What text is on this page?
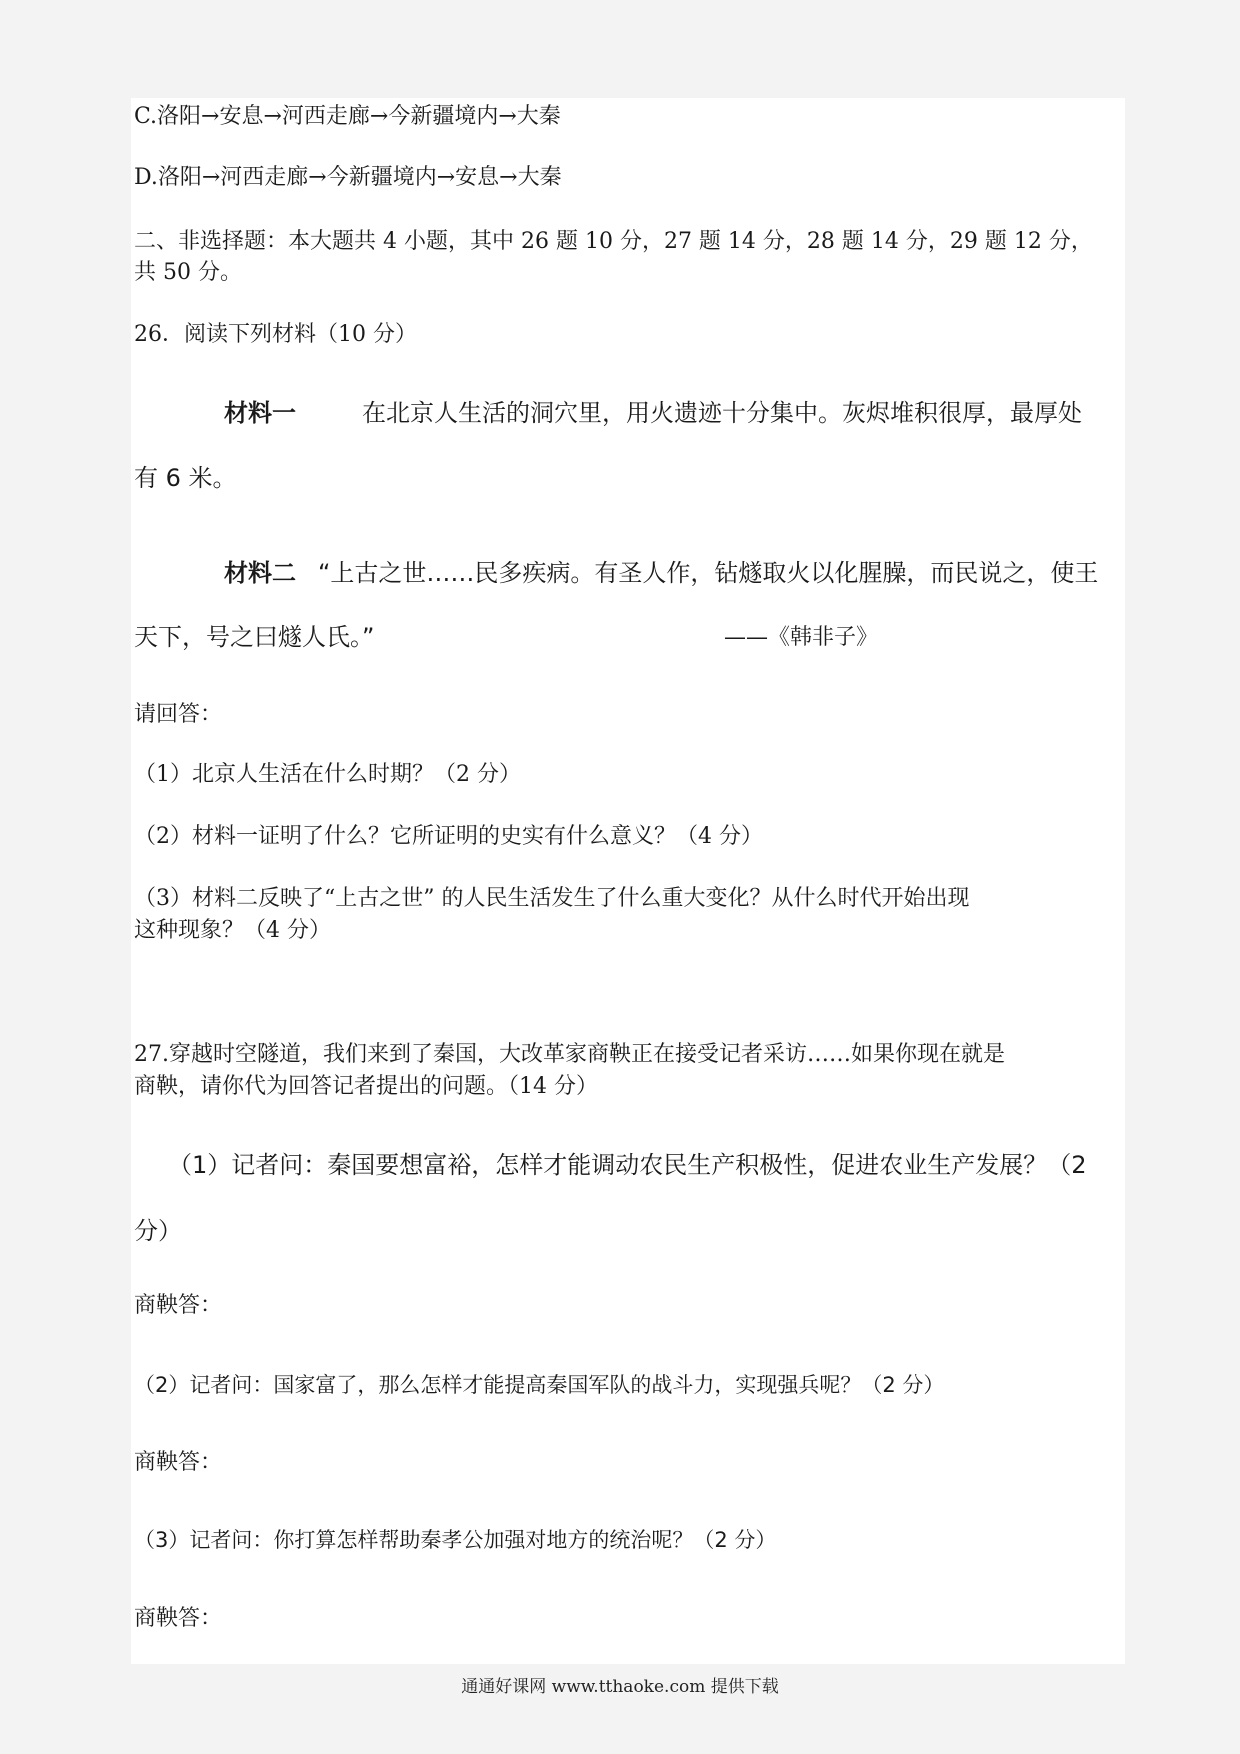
C.洛阳→安息→河西走廊→今新疆境内→大秦
D.洛阳→河西走廊→今新疆境内→安息→大秦
二、非选择题：本大题共 4 小题，其中 26 题 10 分，27 题 14 分，28 题 14 分，29 题 12 分，
共 50 分。
26．阅读下列材料（10 分）
材料一	在北京人生活的洞穴里，用火遗迹十分集中。灰烬堆积很厚，最厚处
有 6 米。
材料二 “上古之世……民多疾病。有圣人作，钻燧取火以化腥臊，而民说之，使王
天下，号之曰燧人氏。”	——《韩非子》
请回答：
（1）北京人生活在什么时期？（2 分）
（2）材料一证明了什么？它所证明的史实有什么意义？（4 分）
（3）材料二反映了“上古之世” 的人民生活发生了什么重大变化？从什么时代开始出现
这种现象？（4 分）
27.穿越时空隧道，我们来到了秦国，大改革家商鞅正在接受记者采访……如果你现在就是
商鞅，请你代为回答记者提出的问题。（14 分）
（1）记者问：秦国要想富裕，怎样才能调动农民生产积极性，促进农业生产发展？（2
分）
商鞅答：
（2）记者问：国家富了，那么怎样才能提高秦国军队的战斗力，实现强兵呢？（2 分）
商鞅答：
（3）记者问：你打算怎样帮助秦孝公加强对地方的统治呢？（2 分）
商鞅答：
通通好课网 www.tthaoke.com 提供下载
